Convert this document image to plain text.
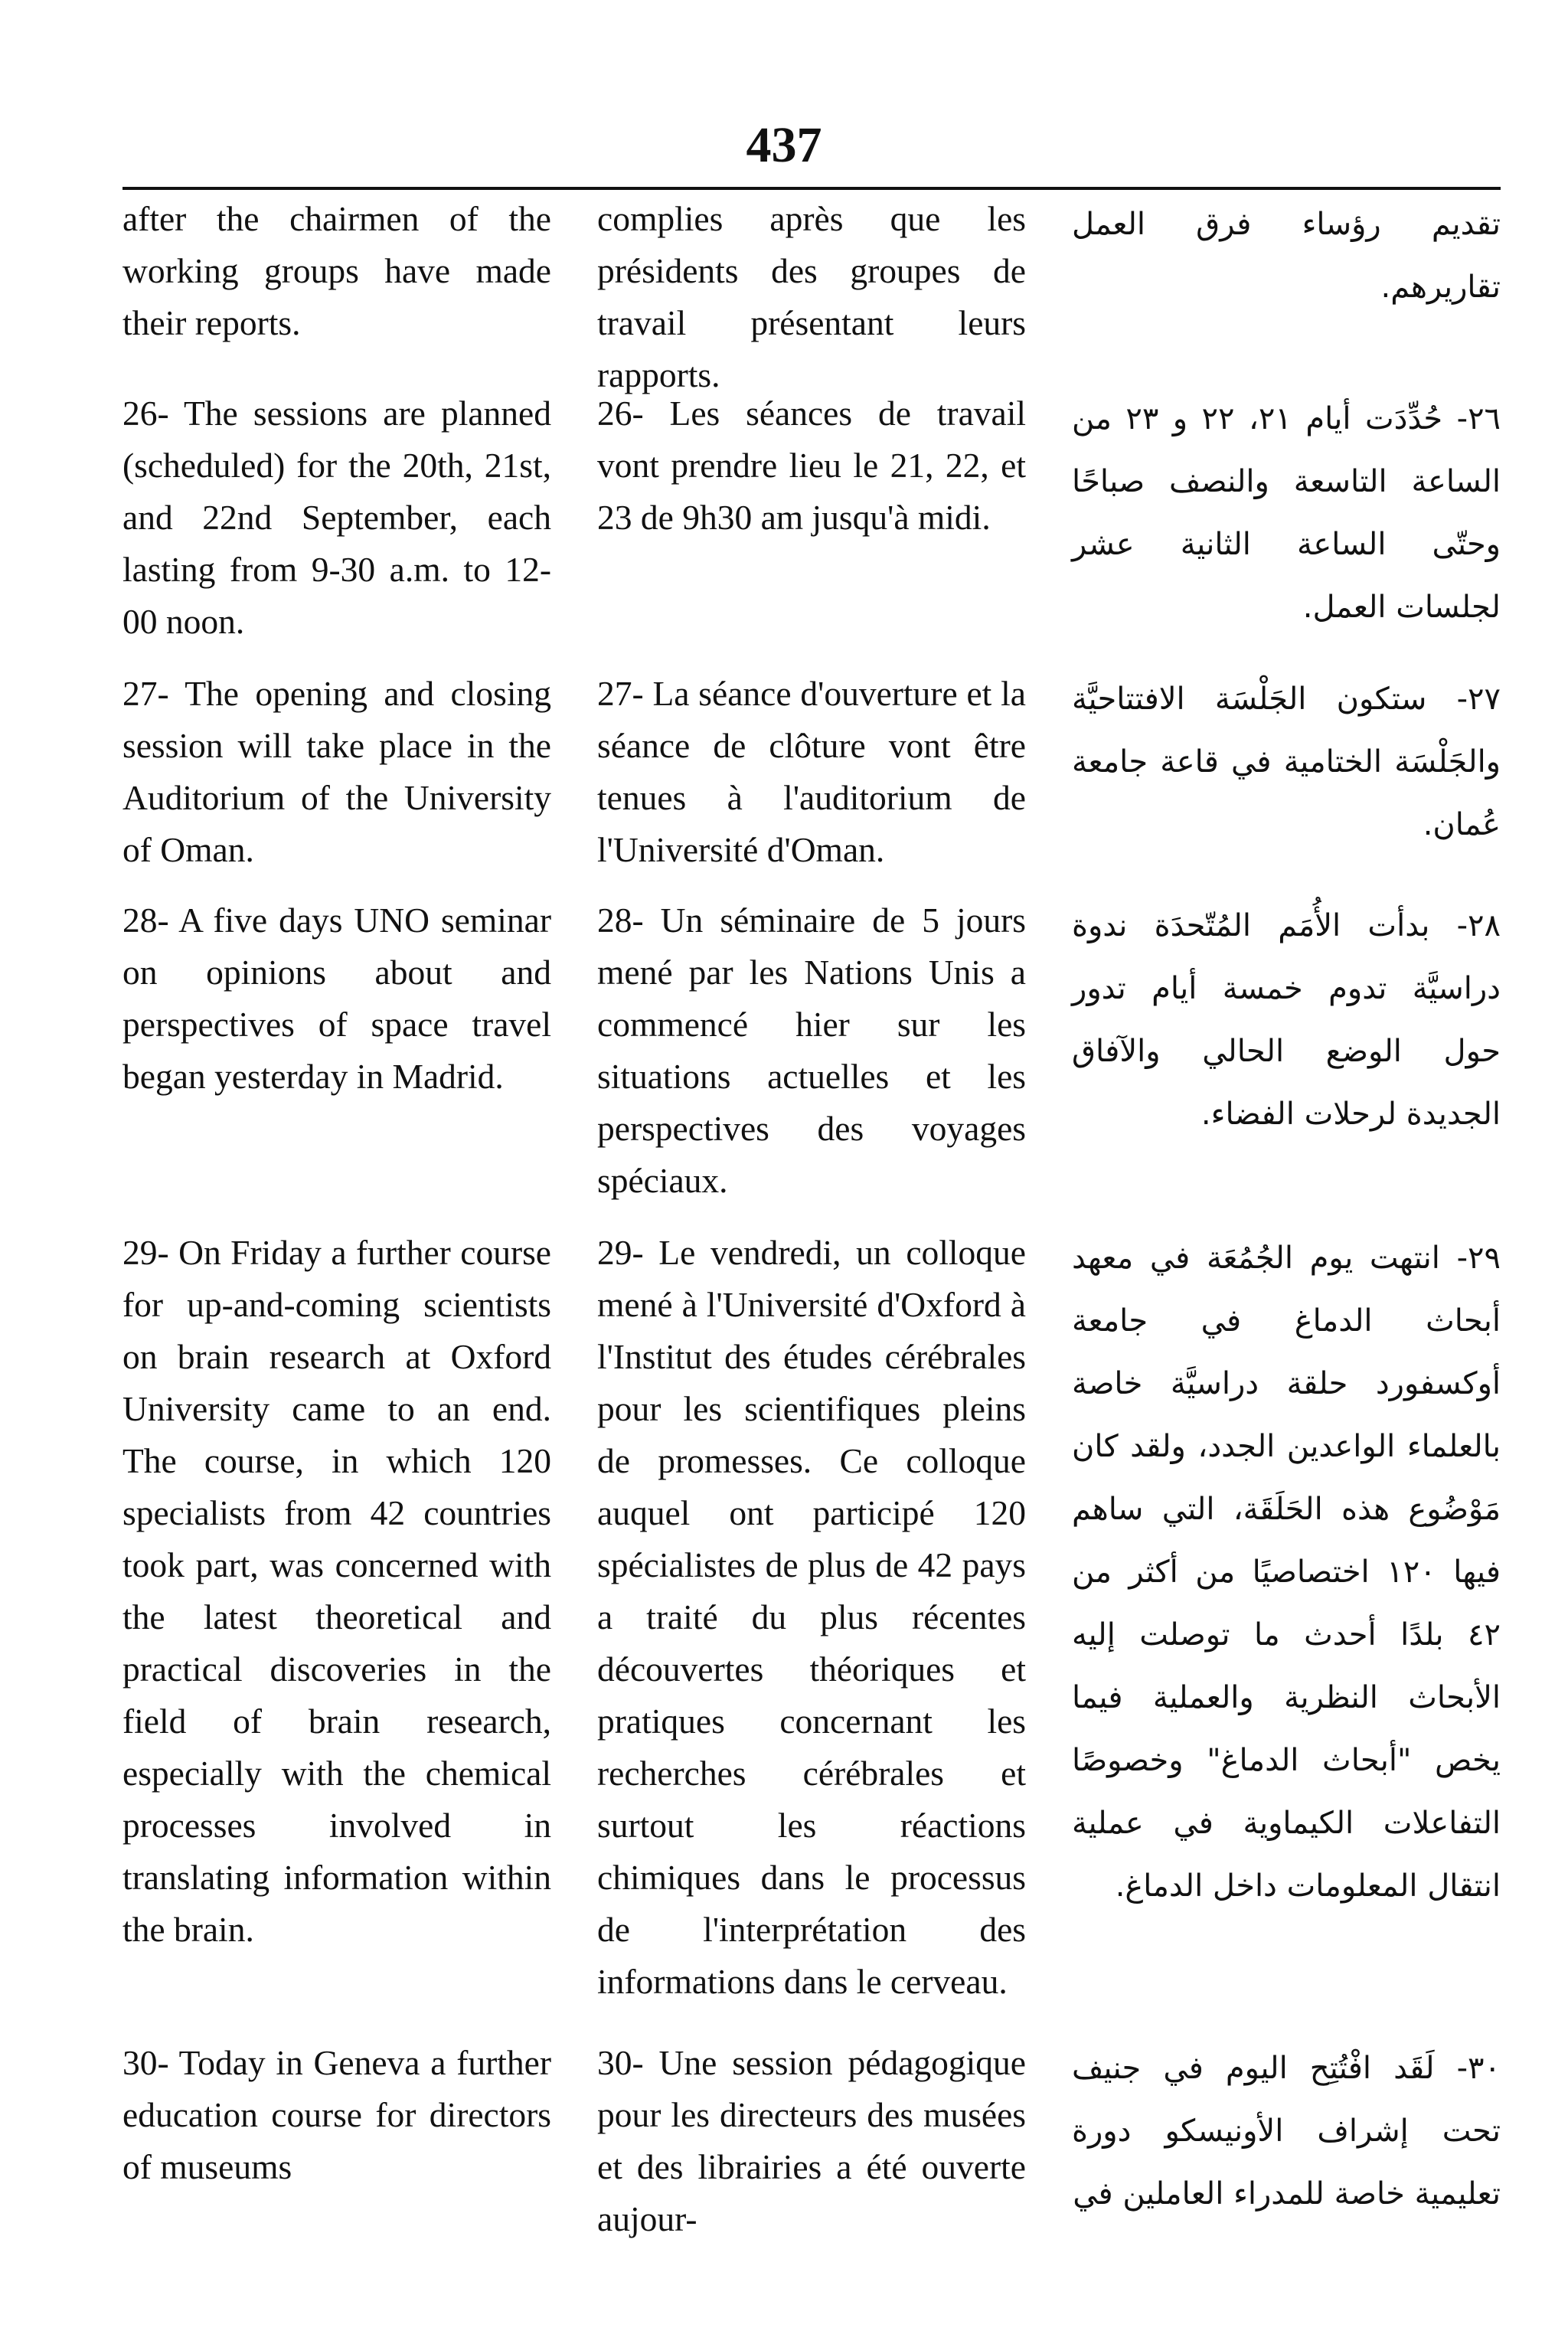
437
after the chairmen of the working groups have made their reports.
complies après que les présidents des groupes de travail présentant leurs rapports.
تقديم رؤساء فرق العمل تقاريرهم.
26- The sessions are planned (scheduled) for the 20th, 21st, and 22nd September, each lasting from 9-30 a.m. to 12-00 noon.
26- Les séances de travail vont prendre lieu le 21, 22, et 23 de 9h30 am jusqu'à midi.
٢٦- حُدِّدَت أيام ٢١، ٢٢ و ٢٣ من الساعة التاسعة والنصف صباحًا وحتّى الساعة الثانية عشر لجلسات العمل.
27- The opening and closing session will take place in the Auditorium of the University of Oman.
27- La séance d'ouverture et la séance de clôture vont être tenues à l'auditorium de l'Université d'Oman.
٢٧- ستكون الجَلْسَة الافتتاحيَّة والجَلْسَة الختامية في قاعة جامعة عُمان.
28- A five days UNO seminar on opinions about and perspectives of space travel began yesterday in Madrid.
28- Un séminaire de 5 jours mené par les Nations Unis a commencé hier sur les situations actuelles et les perspectives des voyages spéciaux.
٢٨- بدأت الأُمَم المُتّحدَة ندوة دراسيَّة تدوم خمسة أيام تدور حول الوضع الحالي والآفاق الجديدة لرحلات الفضاء.
29- On Friday a further course for up-and-coming scientists on brain research at Oxford University came to an end. The course, in which 120 specialists from 42 countries took part, was concerned with the latest theoretical and practical discoveries in the field of brain research, especially with the chemical processes involved in translating information within the brain.
29- Le vendredi, un colloque mené à l'Université d'Oxford à l'Institut des études cérébrales pour les scientifiques pleins de promesses. Ce colloque auquel ont participé 120 spécialistes de plus de 42 pays a traité du plus récentes découvertes théoriques et pratiques concernant les recherches cérébrales et surtout les réactions chimiques dans le processus de l'interprétation des informations dans le cerveau.
٢٩- انتهت يوم الجُمُعَة في معهد أبحاث الدماغ في جامعة أوكسفورد حلقة دراسيَّة خاصة بالعلماء الواعدين الجدد، ولقد كان مَوْضُوع هذه الحَلَقَة، التي ساهم فيها ١٢٠ اختصاصيًا من أكثر من ٤٢ بلدًا أحدث ما توصلت إليه الأبحاث النظرية والعملية فيما يخص "أبحاث الدماغ" وخصوصًا التفاعلات الكيماوية في عملية انتقال المعلومات داخل الدماغ.
30- Today in Geneva a further education course for directors of museums
30- Une session pédagogique pour les directeurs des musées et des librairies a été ouverte aujour-
٣٠- لَقَد افْتُتِح اليوم في جنيف تحت إشراف الأونيسكو دورة تعليمية خاصة للمدراء العاملين في
